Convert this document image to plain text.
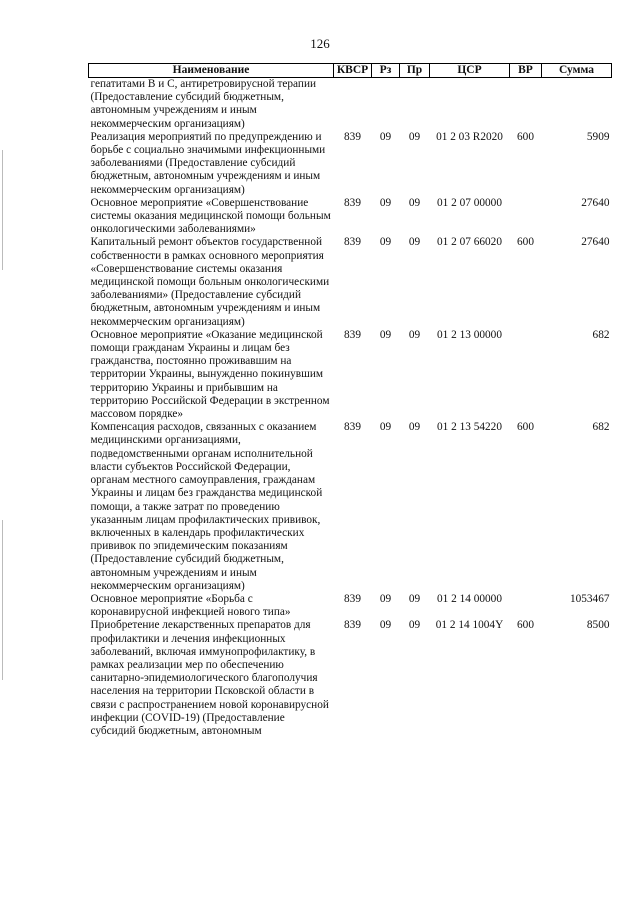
126
Наименование	КВСР	Рз	Пр	ЦСР	ВР	Сумма
гепатитами В и С, антиретровирусной терапии (Предоставление субсидий бюджетным, автономным учреждениям и иным некоммерческим организациям)						
Реализация мероприятий по предупреждению и борьбе с социально значимыми инфекционными заболеваниями (Предоставление субсидий бюджетным, автономным учреждениям и иным некоммерческим организациям)	839	09	09	01 2 03 R2020	600	5909
Основное мероприятие «Совершенствование системы оказания медицинской помощи больным онкологическими заболеваниями»	839	09	09	01 2 07 00000		27640
Капитальный ремонт объектов государственной собственности в рамках основного мероприятия «Совершенствование системы оказания медицинской помощи больным онкологическими заболеваниями» (Предоставление субсидий бюджетным, автономным учреждениям и иным некоммерческим организациям)	839	09	09	01 2 07 66020	600	27640
Основное мероприятие «Оказание медицинской помощи гражданам Украины и лицам без гражданства, постоянно проживавшим на территории Украины, вынужденно покинувшим территорию Украины и прибывшим на территорию Российской Федерации в экстренном массовом порядке»	839	09	09	01 2 13 00000		682
Компенсация расходов, связанных с оказанием медицинскими организациями, подведомственными органам исполнительной власти субъектов Российской Федерации, органам местного самоуправления, гражданам Украины и лицам без гражданства медицинской помощи, а также затрат по проведению указанным лицам профилактических прививок, включенных в календарь профилактических прививок по эпидемическим показаниям (Предоставление субсидий бюджетным, автономным учреждениям и иным некоммерческим организациям)	839	09	09	01 2 13 54220	600	682
Основное мероприятие «Борьба с коронавирусной инфекцией нового типа»	839	09	09	01 2 14 00000		1053467
Приобретение лекарственных препаратов для профилактики и лечения инфекционных заболеваний, включая иммунопрофилактику, в рамках реализации мер по обеспечению санитарно-эпидемиологического благополучия населения на территории Псковской области в связи с распространением новой коронавирусной инфекции (COVID-19) (Предоставление субсидий бюджетным, автономным	839	09	09	01 2 14 1004Y	600	8500
